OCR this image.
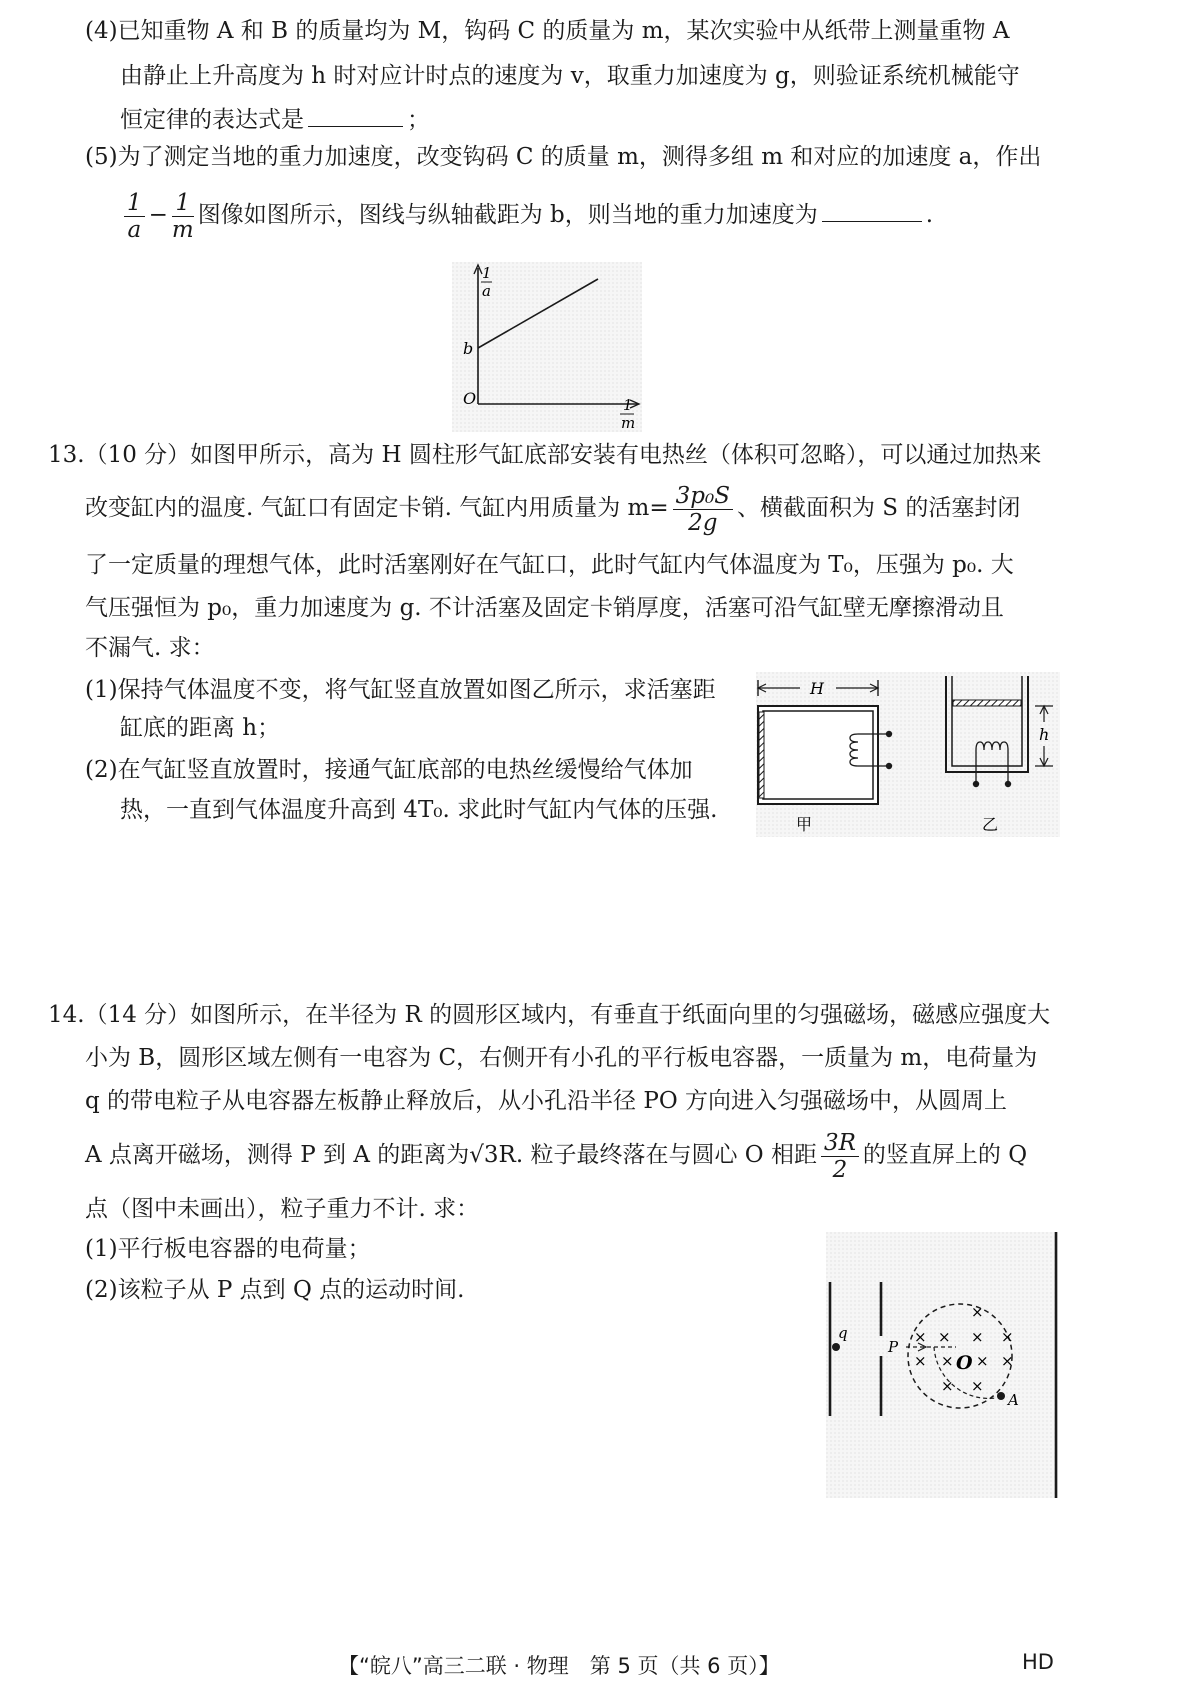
(4)已知重物 A 和 B 的质量均为 M，钩码 C 的质量为 m，某次实验中从纸带上测量重物 A
由静止上升高度为 h 时对应计时点的速度为 v，取重力加速度为 g，则验证系统机械能守
恒定律的表达式是	；
(5)为了测定当地的重力加速度，改变钩码 C 的质量 m，测得多组 m 和对应的加速度 a，作出
$\frac{1}{a} - \frac{1}{m}$ 图像如图所示，图线与纵轴截距为 b，则当地的重力加速度为	.
1
a
b
O	1
m
13.（10 分）如图甲所示，高为 H 圆柱形气缸底部安装有电热丝（体积可忽略），可以通过加热来
改变缸内的温度. 气缸口有固定卡销. 气缸内用质量为 $m= \frac{\text{3p₀S}}{2g}$ 、横截面积为 S 的活塞封闭
了一定质量的理想气体，此时活塞刚好在气缸口，此时气缸内气体温度为 T₀，压强为 p₀. 大
气压强恒为 p₀，重力加速度为 g. 不计活塞及固定卡销厚度，活塞可沿气缸壁无摩擦滑动且
不漏气. 求：
(1)保持气体温度不变，将气缸竖直放置如图乙所示，求活塞距
缸底的距离 h；
(2)在气缸竖直放置时，接通气缸底部的电热丝缓慢给气体加
热，一直到气体温度升高到 4T₀. 求此时气缸内气体的压强.
H
甲
h
乙
14.（14 分）如图所示，在半径为 R 的圆形区域内，有垂直于纸面向里的匀强磁场，磁感应强度大
小为 B，圆形区域左侧有一电容为 C，右侧开有小孔的平行板电容器，一质量为 m，电荷量为
q 的带电粒子从电容器左板静止释放后，从小孔沿半径 PO 方向进入匀强磁场中，从圆周上
A 点离开磁场，测得 P 到 A 的距离为√3R. 粒子最终落在与圆心 O 相距 $\frac{3R}{2}$ 的竖直屏上的 Q
点（图中未画出），粒子重力不计. 求：
(1)平行板电容器的电荷量；
(2)该粒子从 P 点到 Q 点的运动时间.
q
P
A
O
×
× × × ×
× × × ×
× ×
【“皖八”高三二联 · 物理　第 5 页（共 6 页）】	HD
